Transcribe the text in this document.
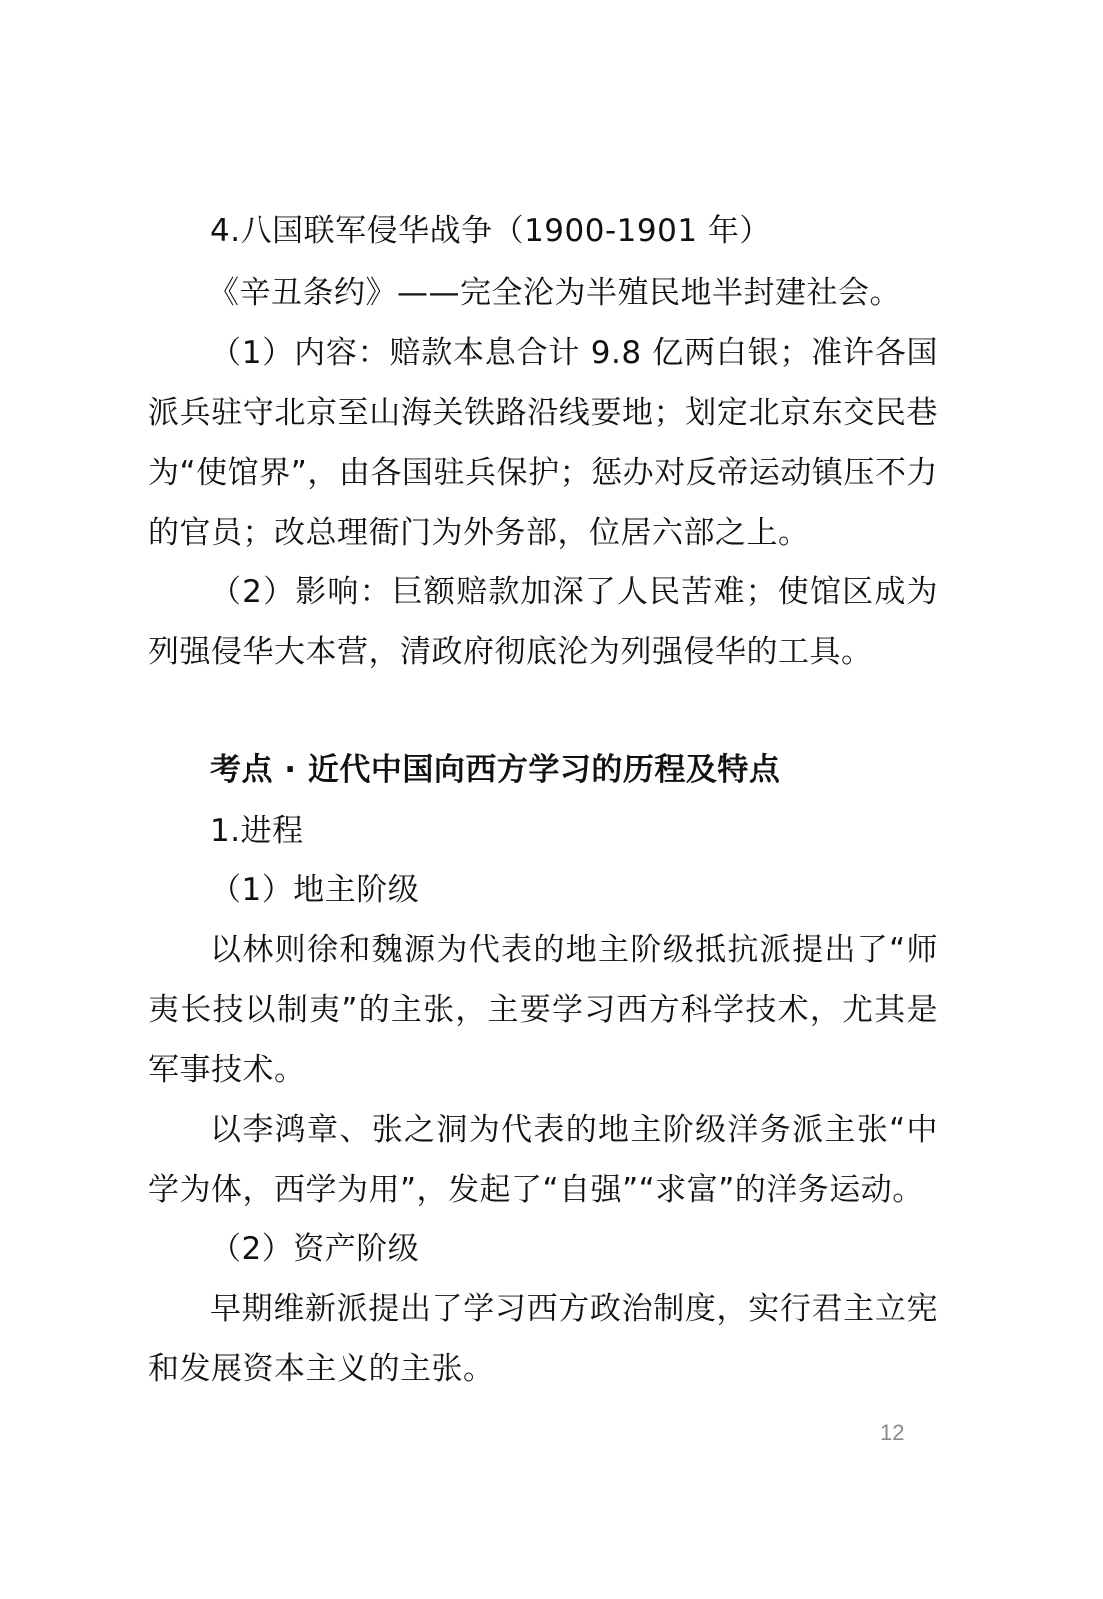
4.八国联军侵华战争（1900-1901 年）

《辛丑条约》——完全沦为半殖民地半封建社会。

（1）内容：赔款本息合计 9.8 亿两白银；准许各国派兵驻守北京至山海关铁路沿线要地；划定北京东交民巷为“使馆界”，由各国驻兵保护；惩办对反帝运动镇压不力的官员；改总理衙门为外务部，位居六部之上。

（2）影响：巨额赔款加深了人民苦难；使馆区成为列强侵华大本营，清政府彻底沦为列强侵华的工具。

考点 · 近代中国向西方学习的历程及特点

1.进程

（1）地主阶级

以林则徐和魏源为代表的地主阶级抵抗派提出了“师夷长技以制夷”的主张，主要学习西方科学技术，尤其是军事技术。

以李鸿章、张之洞为代表的地主阶级洋务派主张“中学为体，西学为用”，发起了“自强”“求富”的洋务运动。

（2）资产阶级

早期维新派提出了学习西方政治制度，实行君主立宪和发展资本主义的主张。

12
